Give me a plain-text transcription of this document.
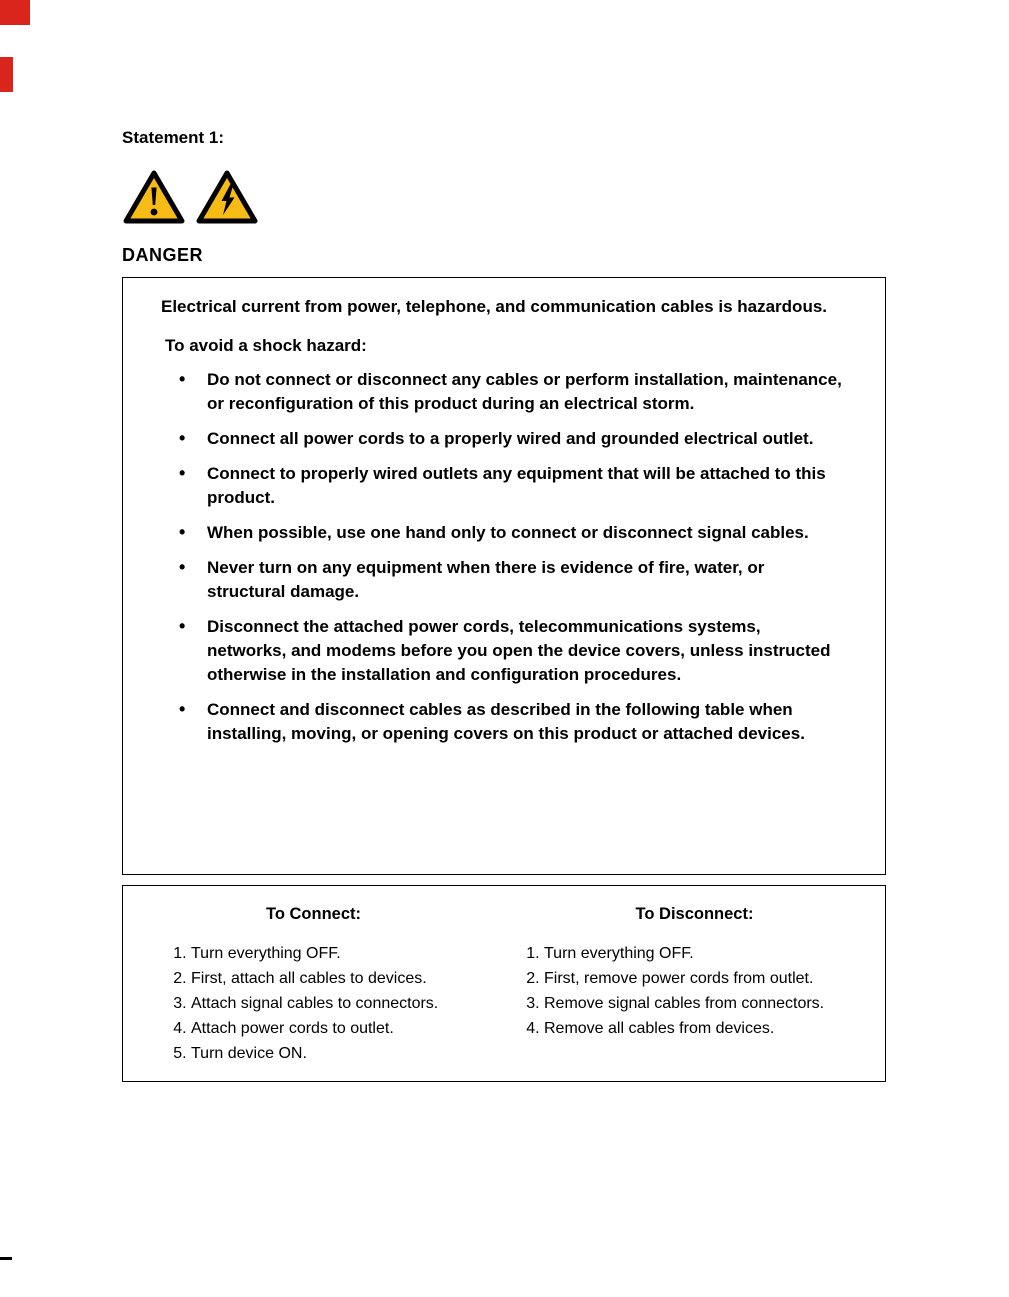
Statement 1:
DANGER

Electrical current from power, telephone, and communication cables is hazardous.

To avoid a shock hazard:

• Do not connect or disconnect any cables or perform installation, maintenance, or reconfiguration of this product during an electrical storm.
• Connect all power cords to a properly wired and grounded electrical outlet.
• Connect to properly wired outlets any equipment that will be attached to this product.
• When possible, use one hand only to connect or disconnect signal cables.
• Never turn on any equipment when there is evidence of fire, water, or structural damage.
• Disconnect the attached power cords, telecommunications systems, networks, and modems before you open the device covers, unless instructed otherwise in the installation and configuration procedures.
• Connect and disconnect cables as described in the following table when installing, moving, or opening covers on this product or attached devices.
To Connect:
1. Turn everything OFF.
2. First, attach all cables to devices.
3. Attach signal cables to connectors.
4. Attach power cords to outlet.
5. Turn device ON.
To Disconnect:
1. Turn everything OFF.
2. First, remove power cords from outlet.
3. Remove signal cables from connectors.
4. Remove all cables from devices.
